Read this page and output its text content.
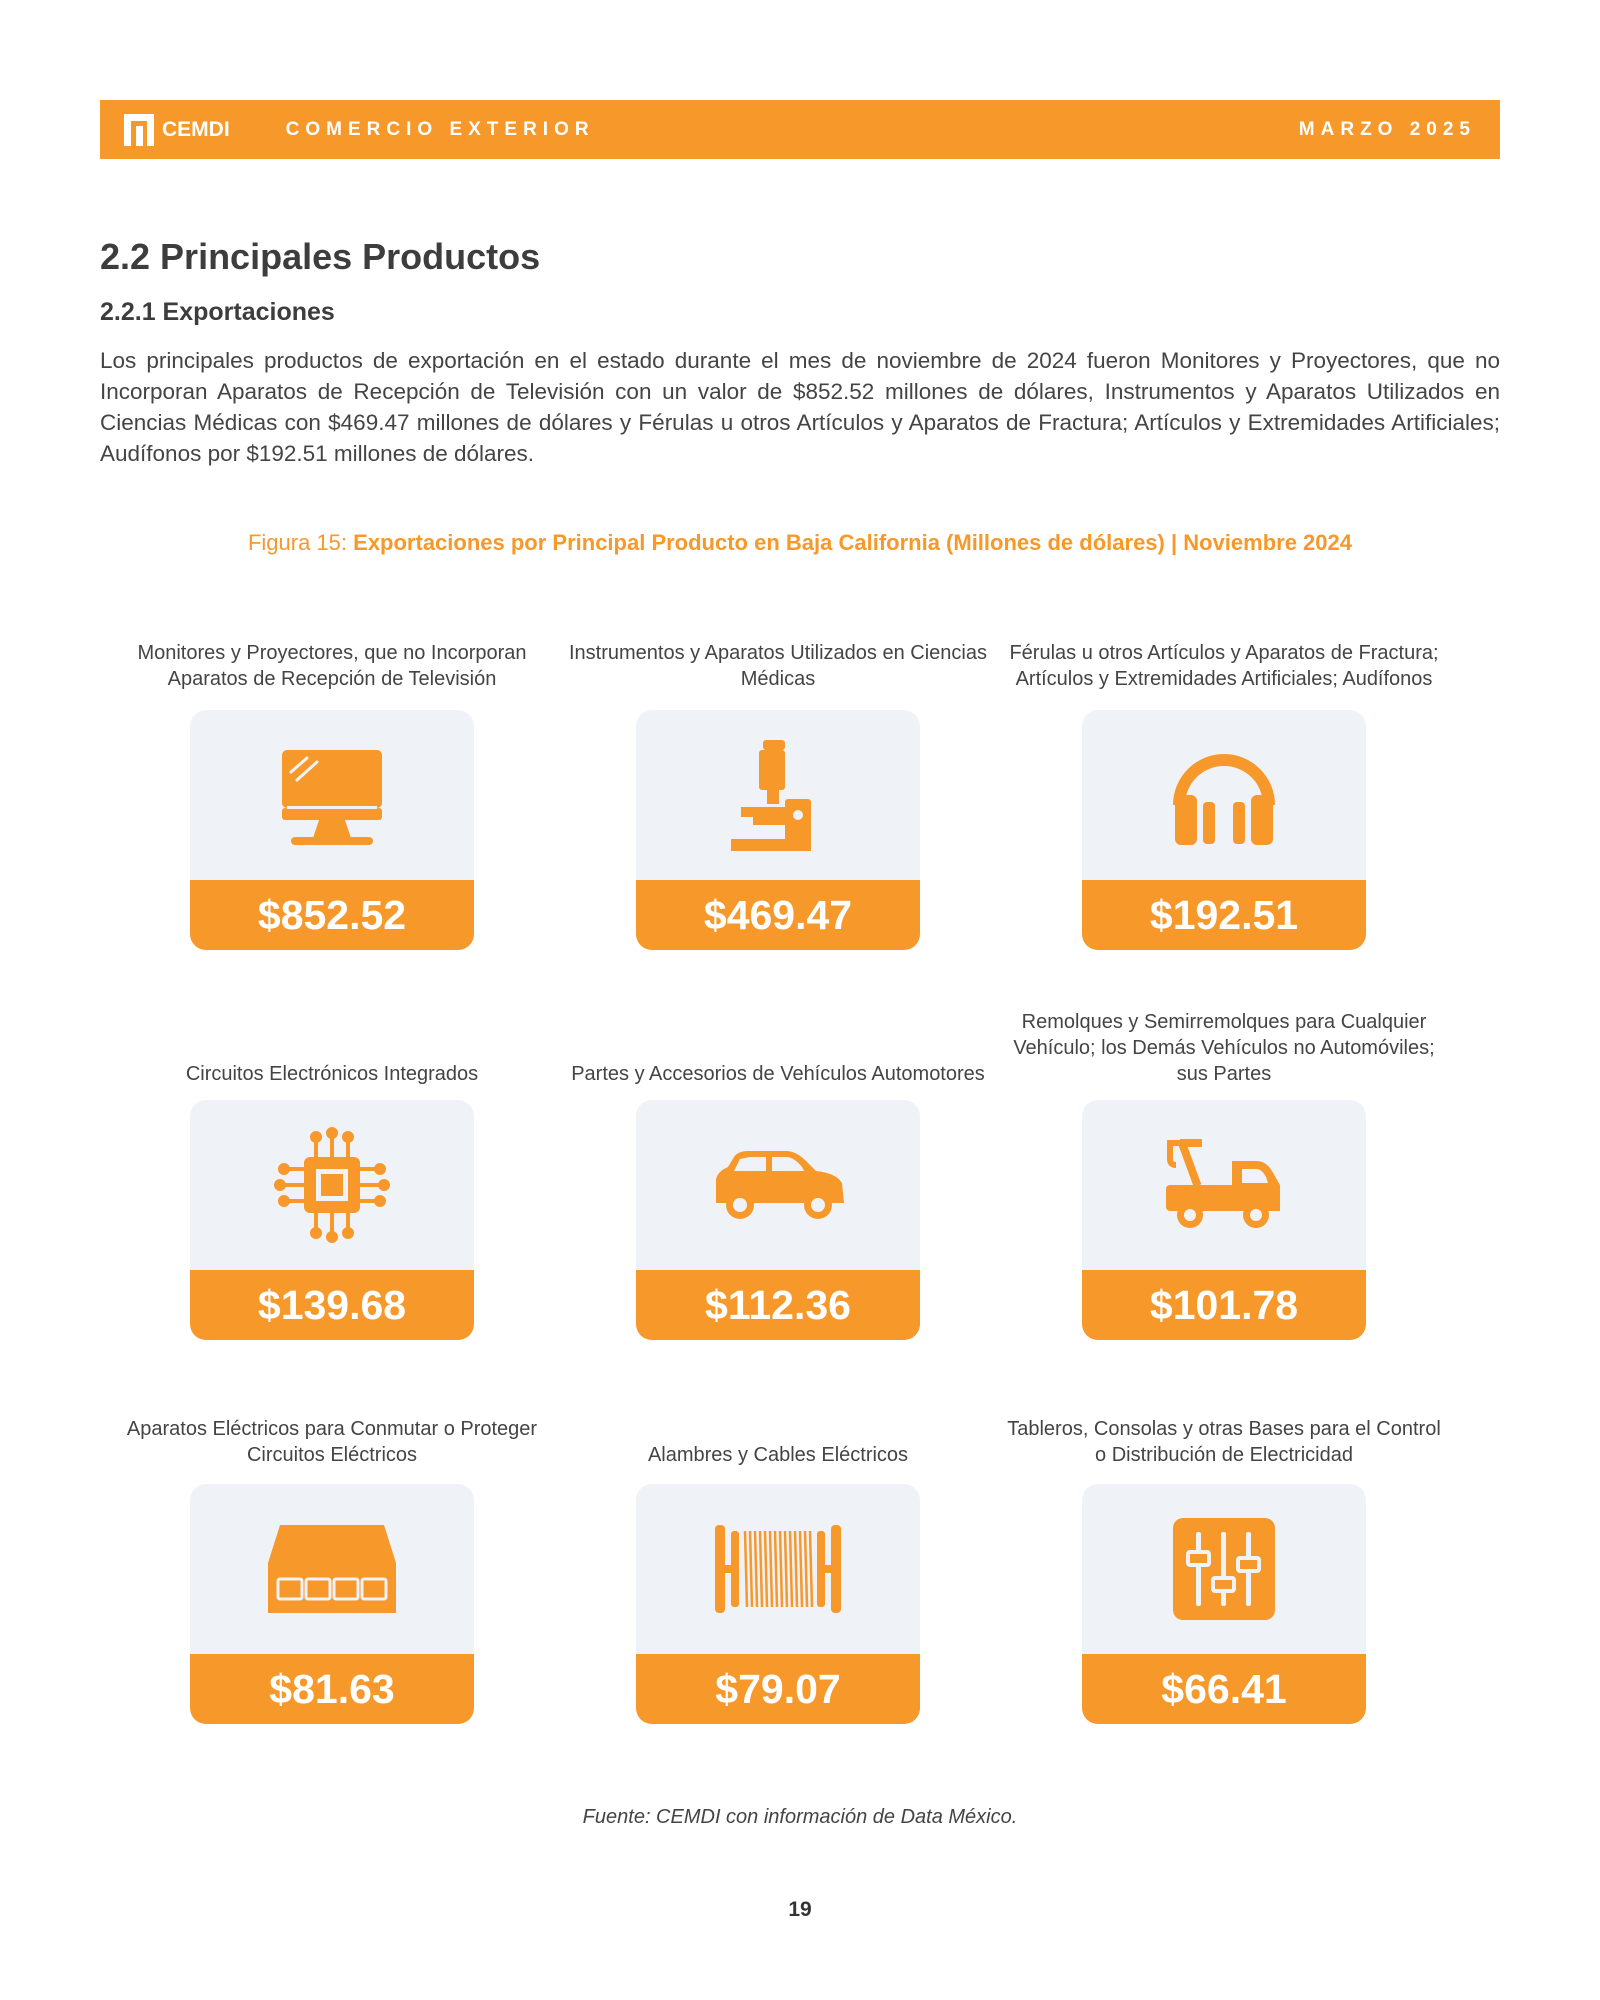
CEMDI	COMERCIO EXTERIOR	MARZO 2025
2.2 Principales Productos
2.2.1 Exportaciones

Los principales productos de exportación en el estado durante el mes de noviembre de 2024 fueron Monitores y Proyectores, que no Incorporan Aparatos de Recepción de Televisión con un valor de $852.52 millones de dólares, Instrumentos y Aparatos Utilizados en Ciencias Médicas con $469.47 millones de dólares y Férulas u otros Artículos y Aparatos de Fractura; Artículos y Extremidades Artificiales; Audífonos por $192.51 millones de dólares.

Figura 15: Exportaciones por Principal Producto en Baja California (Millones de dólares) | Noviembre 2024
Monitores y Proyectores, que no Incorporan Aparatos de Recepción de Televisión
$852.52
Instrumentos y Aparatos Utilizados en Ciencias Médicas
$469.47
Férulas u otros Artículos y Aparatos de Fractura; Artículos y Extremidades Artificiales; Audífonos
$192.51
Circuitos Electrónicos Integrados
$139.68
Partes y Accesorios de Vehículos Automotores
$112.36
Remolques y Semirremolques para Cualquier Vehículo; los Demás Vehículos no Automóviles; sus Partes
$101.78
Aparatos Eléctricos para Conmutar o Proteger Circuitos Eléctricos
$81.63
Alambres y Cables Eléctricos
$79.07
Tableros, Consolas y otras Bases para el Control o Distribución de Electricidad
$66.41
Fuente: CEMDI con información de Data México.
19
